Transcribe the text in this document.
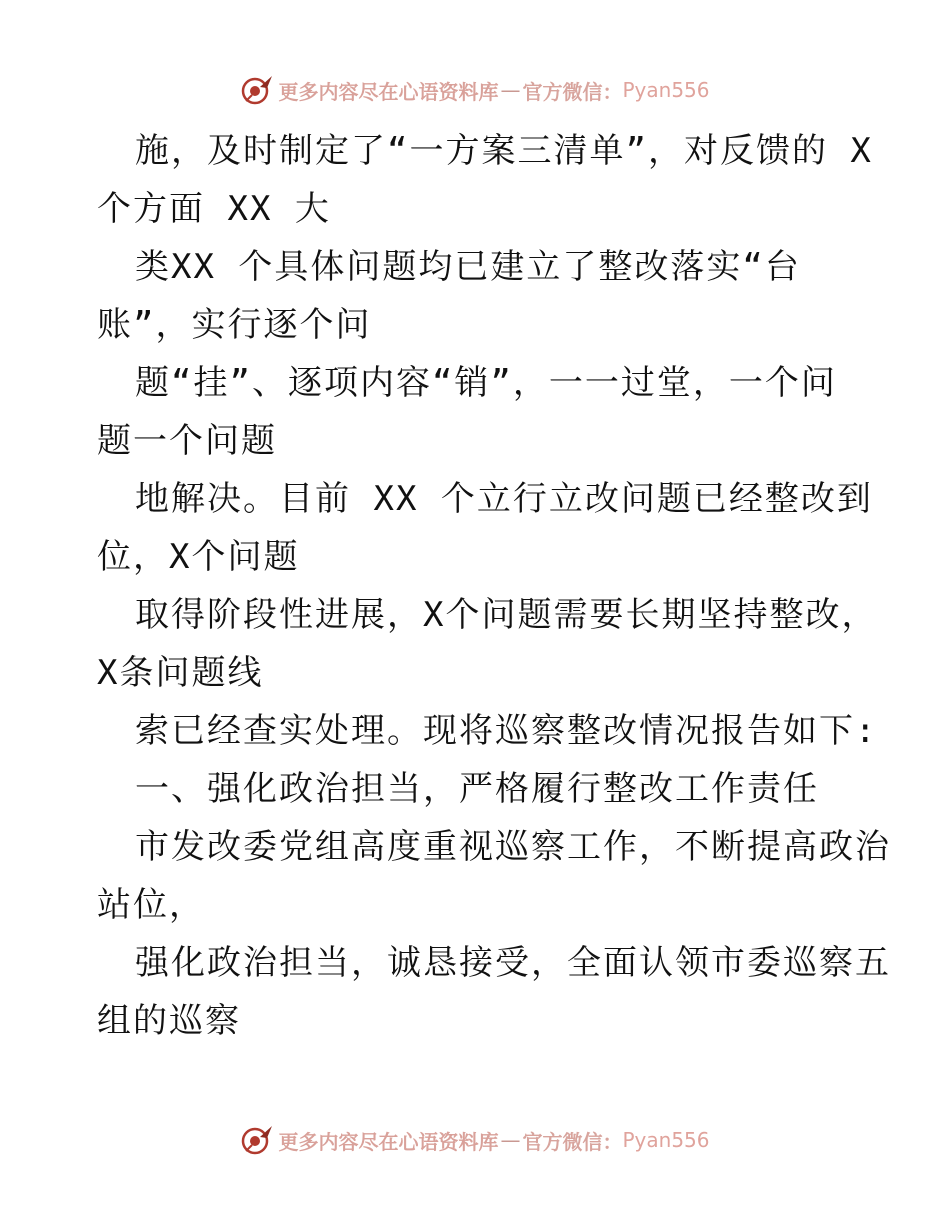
更多内容尽在心语资料库 — 官方微信： Pyan556
施，及时制定了“一方案三清单”，对反馈的 X
个方面 XX 大
类XX 个具体问题均已建立了整改落实“台
账”，实行逐个问
题“挂”、逐项内容“销”，一一过堂，一个问
题一个问题
地解决。目前 XX 个立行立改问题已经整改到
位，X个问题
取得阶段性进展，X个问题需要长期坚持整改，
X条问题线
索已经查实处理。现将巡察整改情况报告如下:
一、强化政治担当，严格履行整改工作责任
市发改委党组高度重视巡察工作，不断提高政治
站位，
强化政治担当，诚恳接受，全面认领市委巡察五
组的巡察
更多内容尽在心语资料库 — 官方微信： Pyan556
